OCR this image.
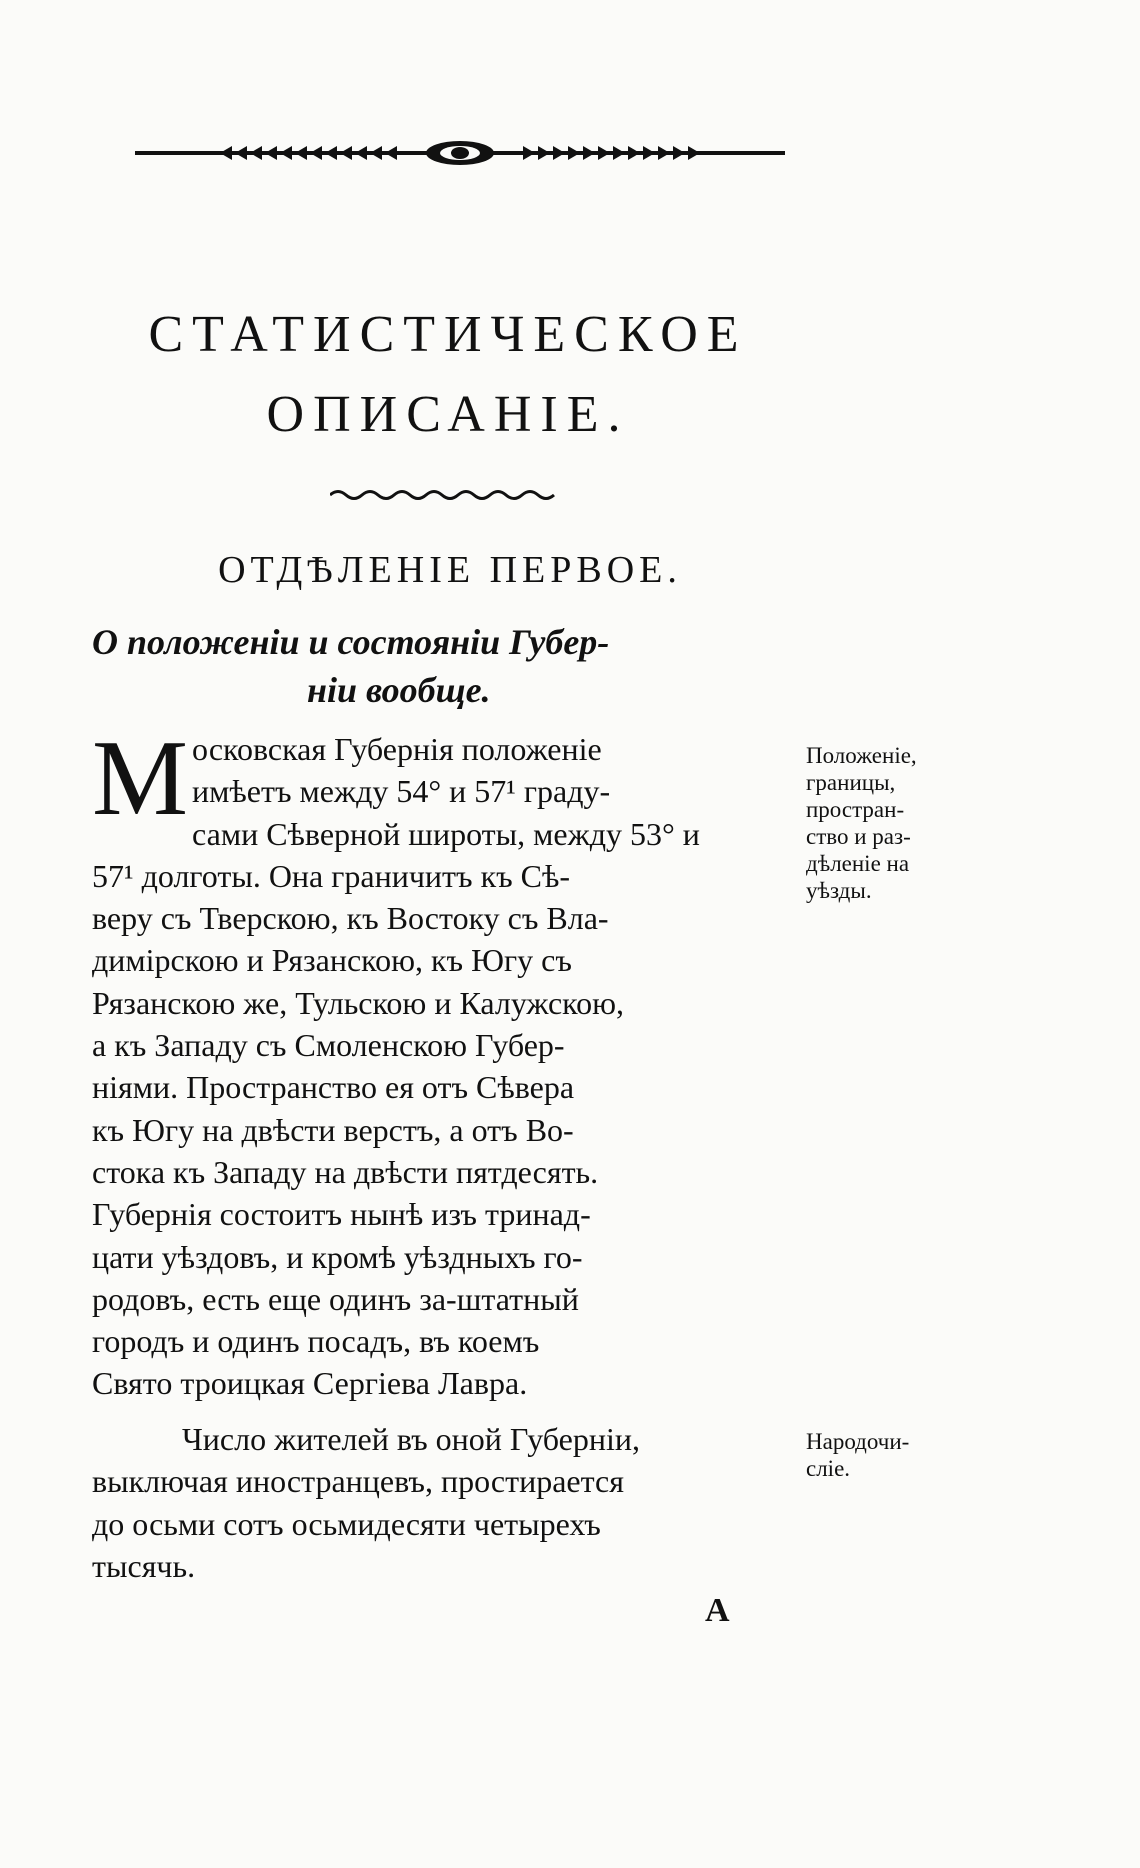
СТАТИСТИЧЕСКОЕ
ОПИСАНІЕ.
ОТДѢЛЕНІЕ ПЕРВОЕ.
О положеніи и состояніи Губер-
ніи вообще.
М осковская Губернія положеніе
имѣетъ между 54° и 57¹ граду-
сами Сѣверной широты, между 53° и
57¹ долготы. Она граничитъ къ Сѣ-
веру съ Тверскою, къ Востоку съ Вла-
димірскою и Рязанскою, къ Югу съ
Рязанскою же, Тульскою и Калужскою,
а къ Западу съ Смоленскою Губер-
ніями. Пространство ея отъ Сѣвера
къ Югу на двѣсти верстъ, а отъ Во-
стока къ Западу на двѣсти пятдесять.
Губернія состоитъ нынѣ изъ тринад-
цати уѣздовъ, и кромѣ уѣздныхъ го-
родовъ, есть еще одинъ за-штатный
городъ и одинъ посадъ, въ коемъ
Свято троицкая Сергіева Лавра.
Положеніе,
границы,
простран-
ство и раз-
дѣленіе на
уѣзды.
Число жителей въ оной Губерніи,
выключая иностранцевъ, простирается
до осьми сотъ осьмидесяти четырехъ
тысячь.
Народочи-
сліе.
А
